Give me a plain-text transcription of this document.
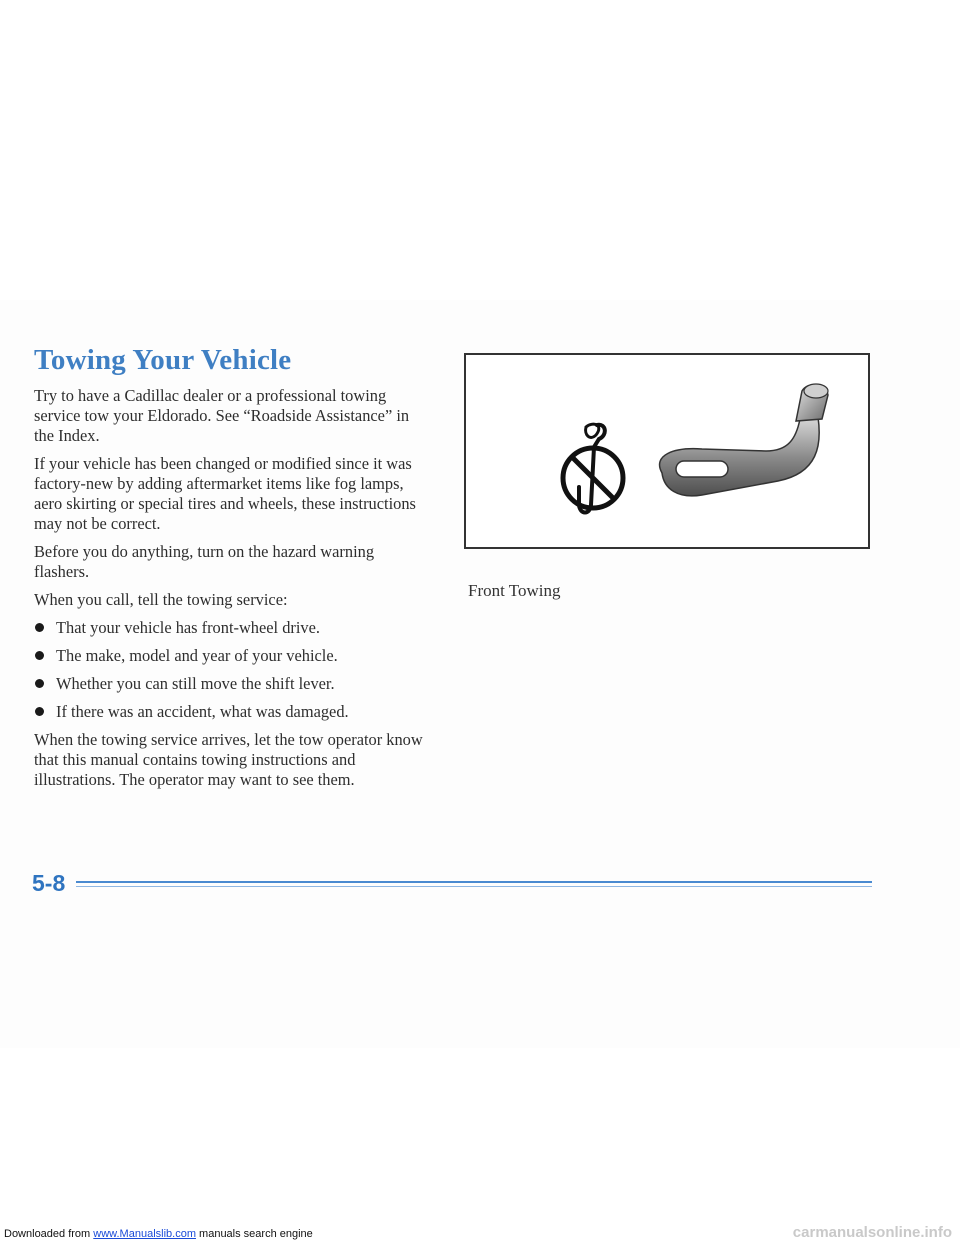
Towing Your Vehicle

Try to have a Cadillac dealer or a professional towing service tow your Eldorado. See “Roadside Assistance” in the Index.

If your vehicle has been changed or modified since it was factory-new by adding aftermarket items like fog lamps, aero skirting or special tires and wheels, these instructions may not be correct.

Before you do anything, turn on the hazard warning flashers.

When you call, tell the towing service:

That your vehicle has front-wheel drive.
The make, model and year of your vehicle.
Whether you can still move the shift lever.
If there was an accident, what was damaged.

When the towing service arrives, let the tow operator know that this manual contains towing instructions and illustrations. The operator may want to see them.

Front Towing
5-8
Downloaded from www.Manualslib.com manuals search engine	carmanualsonline.info
